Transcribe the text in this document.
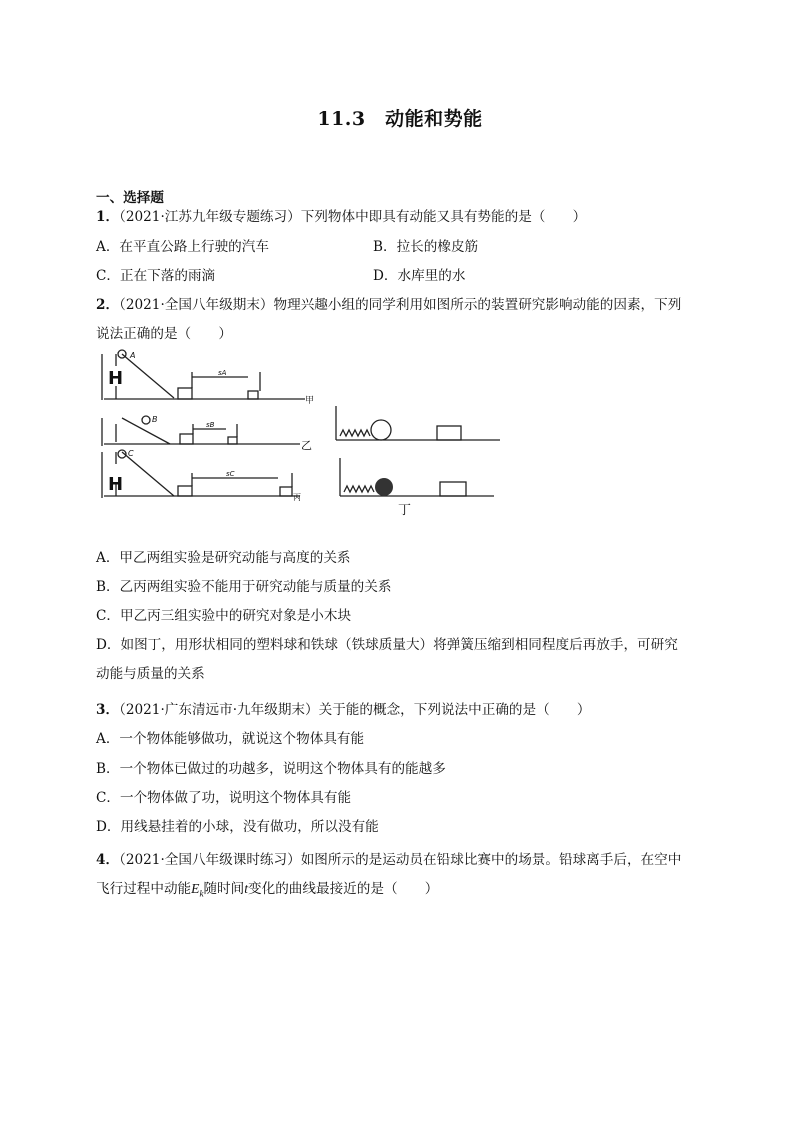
11.3　动能和势能
一、选择题
1．（2021·江苏九年级专题练习）下列物体中即具有动能又具有势能的是（　　）
A．在平直公路上行驶的汽车	B．拉长的橡皮筋
C．正在下落的雨滴	D．水库里的水
2．（2021·全国八年级期末）物理兴趣小组的同学利用如图所示的装置研究影响动能的因素，下列
说法正确的是（　　）
H
A
B
C
H
sA
sB
sC
甲
乙
丙
丁
A．甲乙两组实验是研究动能与高度的关系
B．乙丙两组实验不能用于研究动能与质量的关系
C．甲乙丙三组实验中的研究对象是小木块
D．如图丁，用形状相同的塑料球和铁球（铁球质量大）将弹簧压缩到相同程度后再放手，可研究
动能与质量的关系
3．（2021·广东清远市·九年级期末）关于能的概念，下列说法中正确的是（　　）
A．一个物体能够做功，就说这个物体具有能
B．一个物体已做过的功越多，说明这个物体具有的能越多
C．一个物体做了功，说明这个物体具有能
D．用线悬挂着的小球，没有做功，所以没有能
4．（2021·全国八年级课时练习）如图所示的是运动员在铅球比赛中的场景。铅球离手后，在空中
飞行过程中动能$E_k$随时间t变化的曲线最接近的是（　　）
